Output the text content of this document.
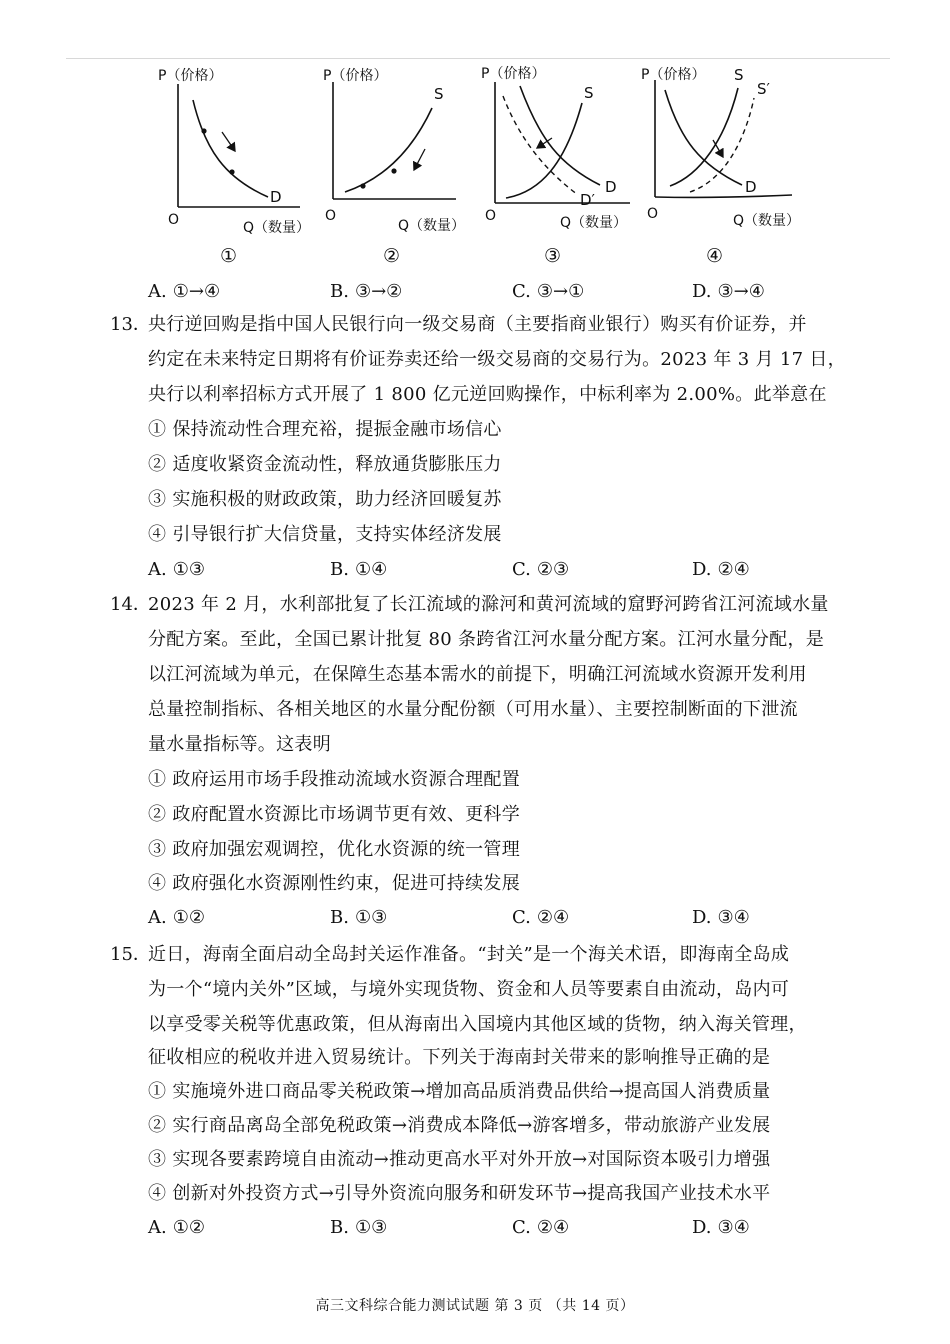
P（价格）
O	Q（数量）
D
①
P（价格）
O
Q（数量）
S
②
P（价格）
O	Q（数量）
S
D
D′
③
P（价格）
O	Q（数量）
S
S′
D
④
A. ①→④	B. ③→②	C. ③→①	D. ③→④
13．
央行逆回购是指中国人民银行向一级交易商（主要指商业银行）购买有价证券，并
约定在未来特定日期将有价证券卖还给一级交易商的交易行为。2023 年 3 月 17 日，
央行以利率招标方式开展了 1 800 亿元逆回购操作，中标利率为 2.00%。此举意在
① 保持流动性合理充裕，提振金融市场信心
② 适度收紧资金流动性，释放通货膨胀压力
③ 实施积极的财政政策，助力经济回暖复苏
④ 引导银行扩大信贷量，支持实体经济发展
A. ①③	B. ①④	C. ②③	D. ②④
14．
2023 年 2 月，水利部批复了长江流域的滁河和黄河流域的窟野河跨省江河流域水量
分配方案。至此，全国已累计批复 80 条跨省江河水量分配方案。江河水量分配，是
以江河流域为单元，在保障生态基本需水的前提下，明确江河流域水资源开发利用
总量控制指标、各相关地区的水量分配份额（可用水量）、主要控制断面的下泄流
量水量指标等。这表明
① 政府运用市场手段推动流域水资源合理配置
② 政府配置水资源比市场调节更有效、更科学
③ 政府加强宏观调控，优化水资源的统一管理
④ 政府强化水资源刚性约束，促进可持续发展
A. ①②	B. ①③	C. ②④	D. ③④
15．
近日，海南全面启动全岛封关运作准备。“封关”是一个海关术语，即海南全岛成
为一个“境内关外”区域，与境外实现货物、资金和人员等要素自由流动，岛内可
以享受零关税等优惠政策，但从海南出入国境内其他区域的货物，纳入海关管理，
征收相应的税收并进入贸易统计。下列关于海南封关带来的影响推导正确的是
① 实施境外进口商品零关税政策→增加高品质消费品供给→提高国人消费质量
② 实行商品离岛全部免税政策→消费成本降低→游客增多，带动旅游产业发展
③ 实现各要素跨境自由流动→推动更高水平对外开放→对国际资本吸引力增强
④ 创新对外投资方式→引导外资流向服务和研发环节→提高我国产业技术水平
A. ①②	B. ①③	C. ②④	D. ③④
高三文科综合能力测试试题 第 3 页 （共 14 页）
